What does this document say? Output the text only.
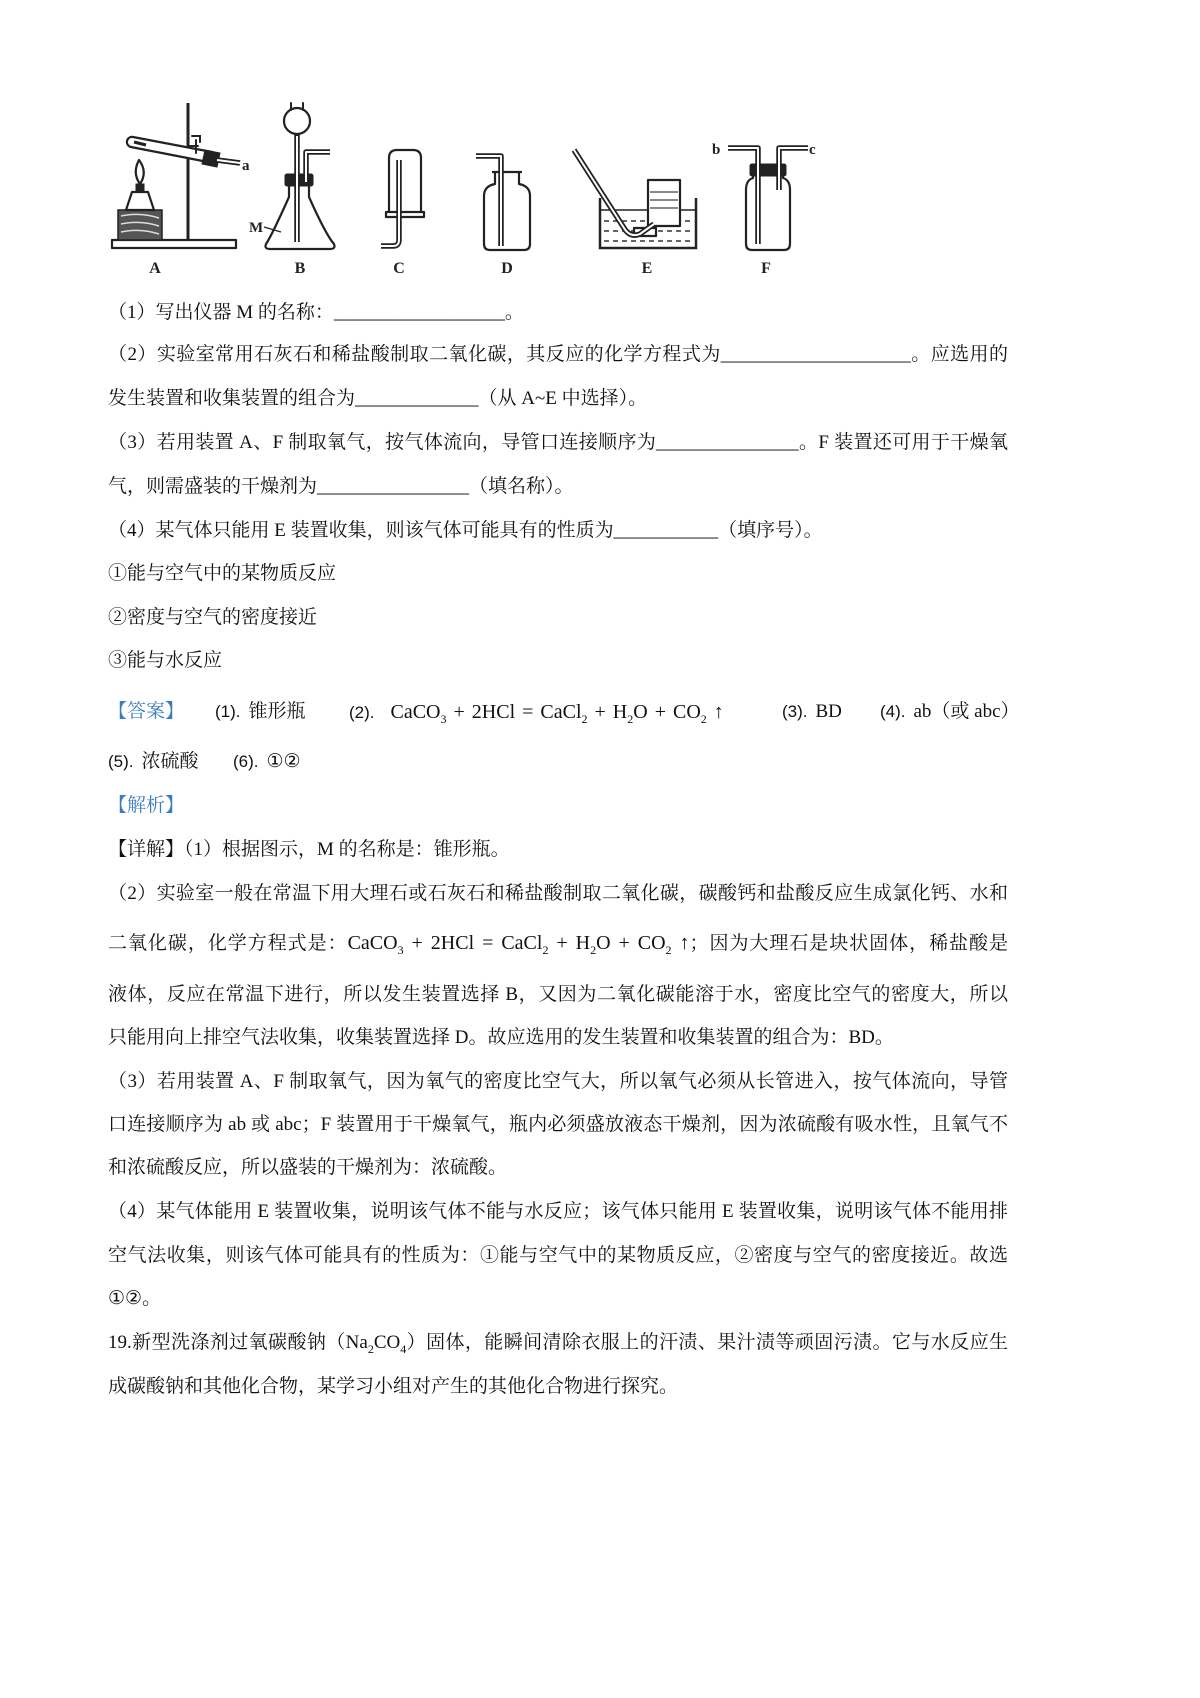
a
M
b	c
A	B	C	D	E	F
（1）写出仪器 M 的名称：__________________。
（2）实验室常用石灰石和稀盐酸制取二氧化碳，其反应的化学方程式为____________________。应选用的
发生装置和收集装置的组合为_____________（从 A~E 中选择）。
（3）若用装置 A、F 制取氧气，按气体流向，导管口连接顺序为_______________。F 装置还可用于干燥氧
气，则需盛装的干燥剂为________________（填名称）。
（4）某气体只能用 E 装置收集，则该气体可能具有的性质为___________（填序号）。
①能与空气中的某物质反应
②密度与空气的密度接近
③能与水反应
【答案】 (1). 锥形瓶	(2). CaCO$_3$ + 2HCl = CaCl$_2$ + $H_2O + CO_2$ ↑	(3). BD (4). ab（或 abc）
(5). 浓硫酸 (6). ①②
【解析】
【详解】（1）根据图示，M 的名称是：锥形瓶。
（2）实验室一般在常温下用大理石或石灰石和稀盐酸制取二氧化碳，碳酸钙和盐酸反应生成氯化钙、水和
二氧化碳，化学方程式是：CaCO$_3$ + 2HCl = CaCl$_2$ + $H_2O + CO_2$ ↑；因为大理石是块状固体，稀盐酸是
液体，反应在常温下进行，所以发生装置选择 B，又因为二氧化碳能溶于水，密度比空气的密度大，所以
只能用向上排空气法收集，收集装置选择 D。故应选用的发生装置和收集装置的组合为：BD。
（3）若用装置 A、F 制取氧气，因为氧气的密度比空气大，所以氧气必须从长管进入，按气体流向，导管
口连接顺序为 ab 或 abc；F 装置用于干燥氧气，瓶内必须盛放液态干燥剂，因为浓硫酸有吸水性，且氧气不
和浓硫酸反应，所以盛装的干燥剂为：浓硫酸。
（4）某气体能用 E 装置收集，说明该气体不能与水反应；该气体只能用 E 装置收集，说明该气体不能用排
空气法收集，则该气体可能具有的性质为：①能与空气中的某物质反应，②密度与空气的密度接近。故选
①②。
19.新型洗涤剂过氧碳酸钠$(Na_2CO_4)$固体，能瞬间清除衣服上的汗渍、果汁渍等顽固污渍。它与水反应生
成碳酸钠和其他化合物，某学习小组对产生的其他化合物进行探究。
